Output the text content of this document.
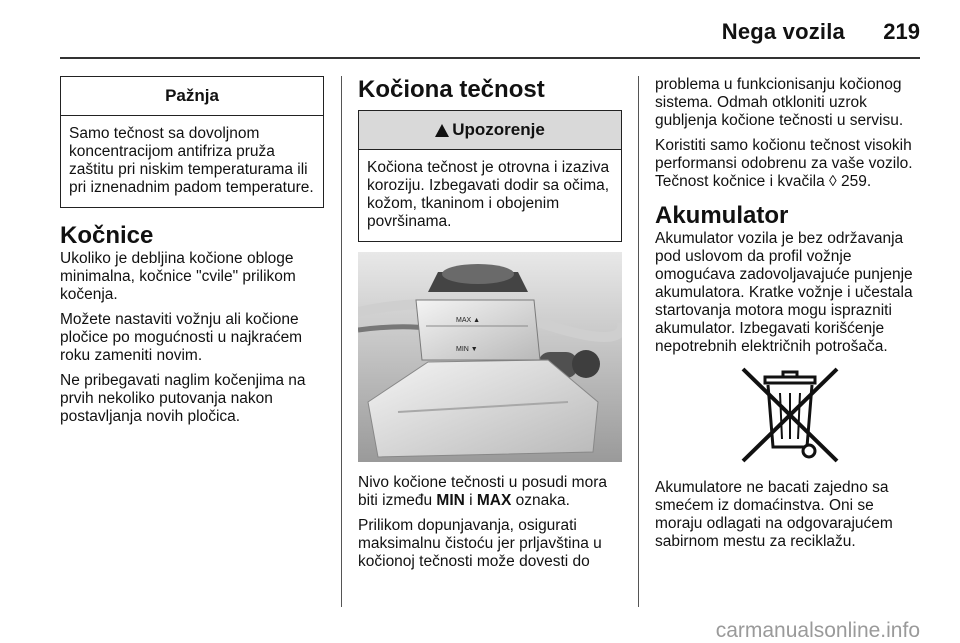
Nega vozila 219
Pažnja
Samo tečnost sa dovoljnom koncentracijom antifriza pruža zaštitu pri niskim temperaturama ili pri iznenadnim padom temperature.
Kočnice

Ukoliko je debljina kočione obloge minimalna, kočnice "cvile" prilikom kočenja.

Možete nastaviti vožnju ali kočione pločice po mogućnosti u najkraćem roku zameniti novim.

Ne pribegavati naglim kočenjima na prvih nekoliko putovanja nakon postavljanja novih pločica.

Kočiona tečnost
Upozorenje
Kočiona tečnost je otrovna i izaziva koroziju. Izbegavati dodir sa očima, kožom, tkaninom i obojenim površinama.
MAX ▲
MIN ▼

Nivo kočione tečnosti u posudi mora biti između MIN i MAX oznaka.

Prilikom dopunjavanja, osigurati maksimalnu čistoću jer prljavština u kočionoj tečnosti može dovesti do

problema u funkcionisanju kočionog sistema. Odmah otkloniti uzrok gubljenja kočione tečnosti u servisu.

Koristiti samo kočionu tečnost visokih performansi odobrenu za vaše vozilo. Tečnost kočnice i kvačila ◊ 259.

Akumulator

Akumulator vozila je bez održavanja pod uslovom da profil vožnje omogućava zadovoljavajuće punjenje akumulatora. Kratke vožnje i učestala startovanja motora mogu isprazniti akumulator. Izbegavati korišćenje nepotrebnih električnih potrošača.

Akumulatore ne bacati zajedno sa smećem iz domaćinstva. Oni se moraju odlagati na odgovarajućem sabirnom mestu za reciklažu.

carmanualsonline.info
